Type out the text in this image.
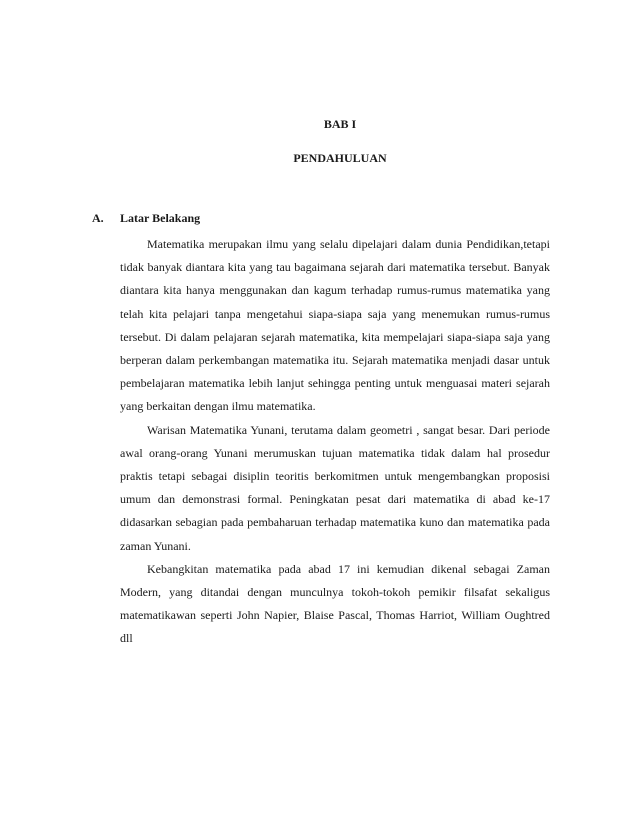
BAB I
PENDAHULUAN
A. Latar Belakang

Matematika merupakan ilmu yang selalu dipelajari dalam dunia Pendidikan,tetapi tidak banyak diantara kita yang tau bagaimana sejarah dari matematika tersebut. Banyak diantara kita hanya menggunakan dan kagum terhadap rumus-rumus matematika yang telah kita pelajari tanpa mengetahui siapa-siapa saja yang menemukan rumus-rumus tersebut. Di dalam pelajaran sejarah matematika, kita mempelajari siapa-siapa saja yang berperan dalam perkembangan matematika itu. Sejarah matematika menjadi dasar untuk pembelajaran matematika lebih lanjut sehingga penting untuk menguasai materi sejarah yang berkaitan dengan ilmu matematika.

Warisan Matematika Yunani, terutama dalam geometri , sangat besar. Dari periode awal orang-orang Yunani merumuskan tujuan matematika tidak dalam hal prosedur praktis tetapi sebagai disiplin teoritis berkomitmen untuk mengembangkan proposisi umum dan demonstrasi formal. Peningkatan pesat dari matematika di abad ke-17 didasarkan sebagian pada pembaharuan terhadap matematika kuno dan matematika pada zaman Yunani.

Kebangkitan matematika pada abad 17 ini kemudian dikenal sebagai Zaman Modern, yang ditandai dengan munculnya tokoh-tokoh pemikir filsafat sekaligus matematikawan seperti John Napier, Blaise Pascal, Thomas Harriot, William Oughtred dll
